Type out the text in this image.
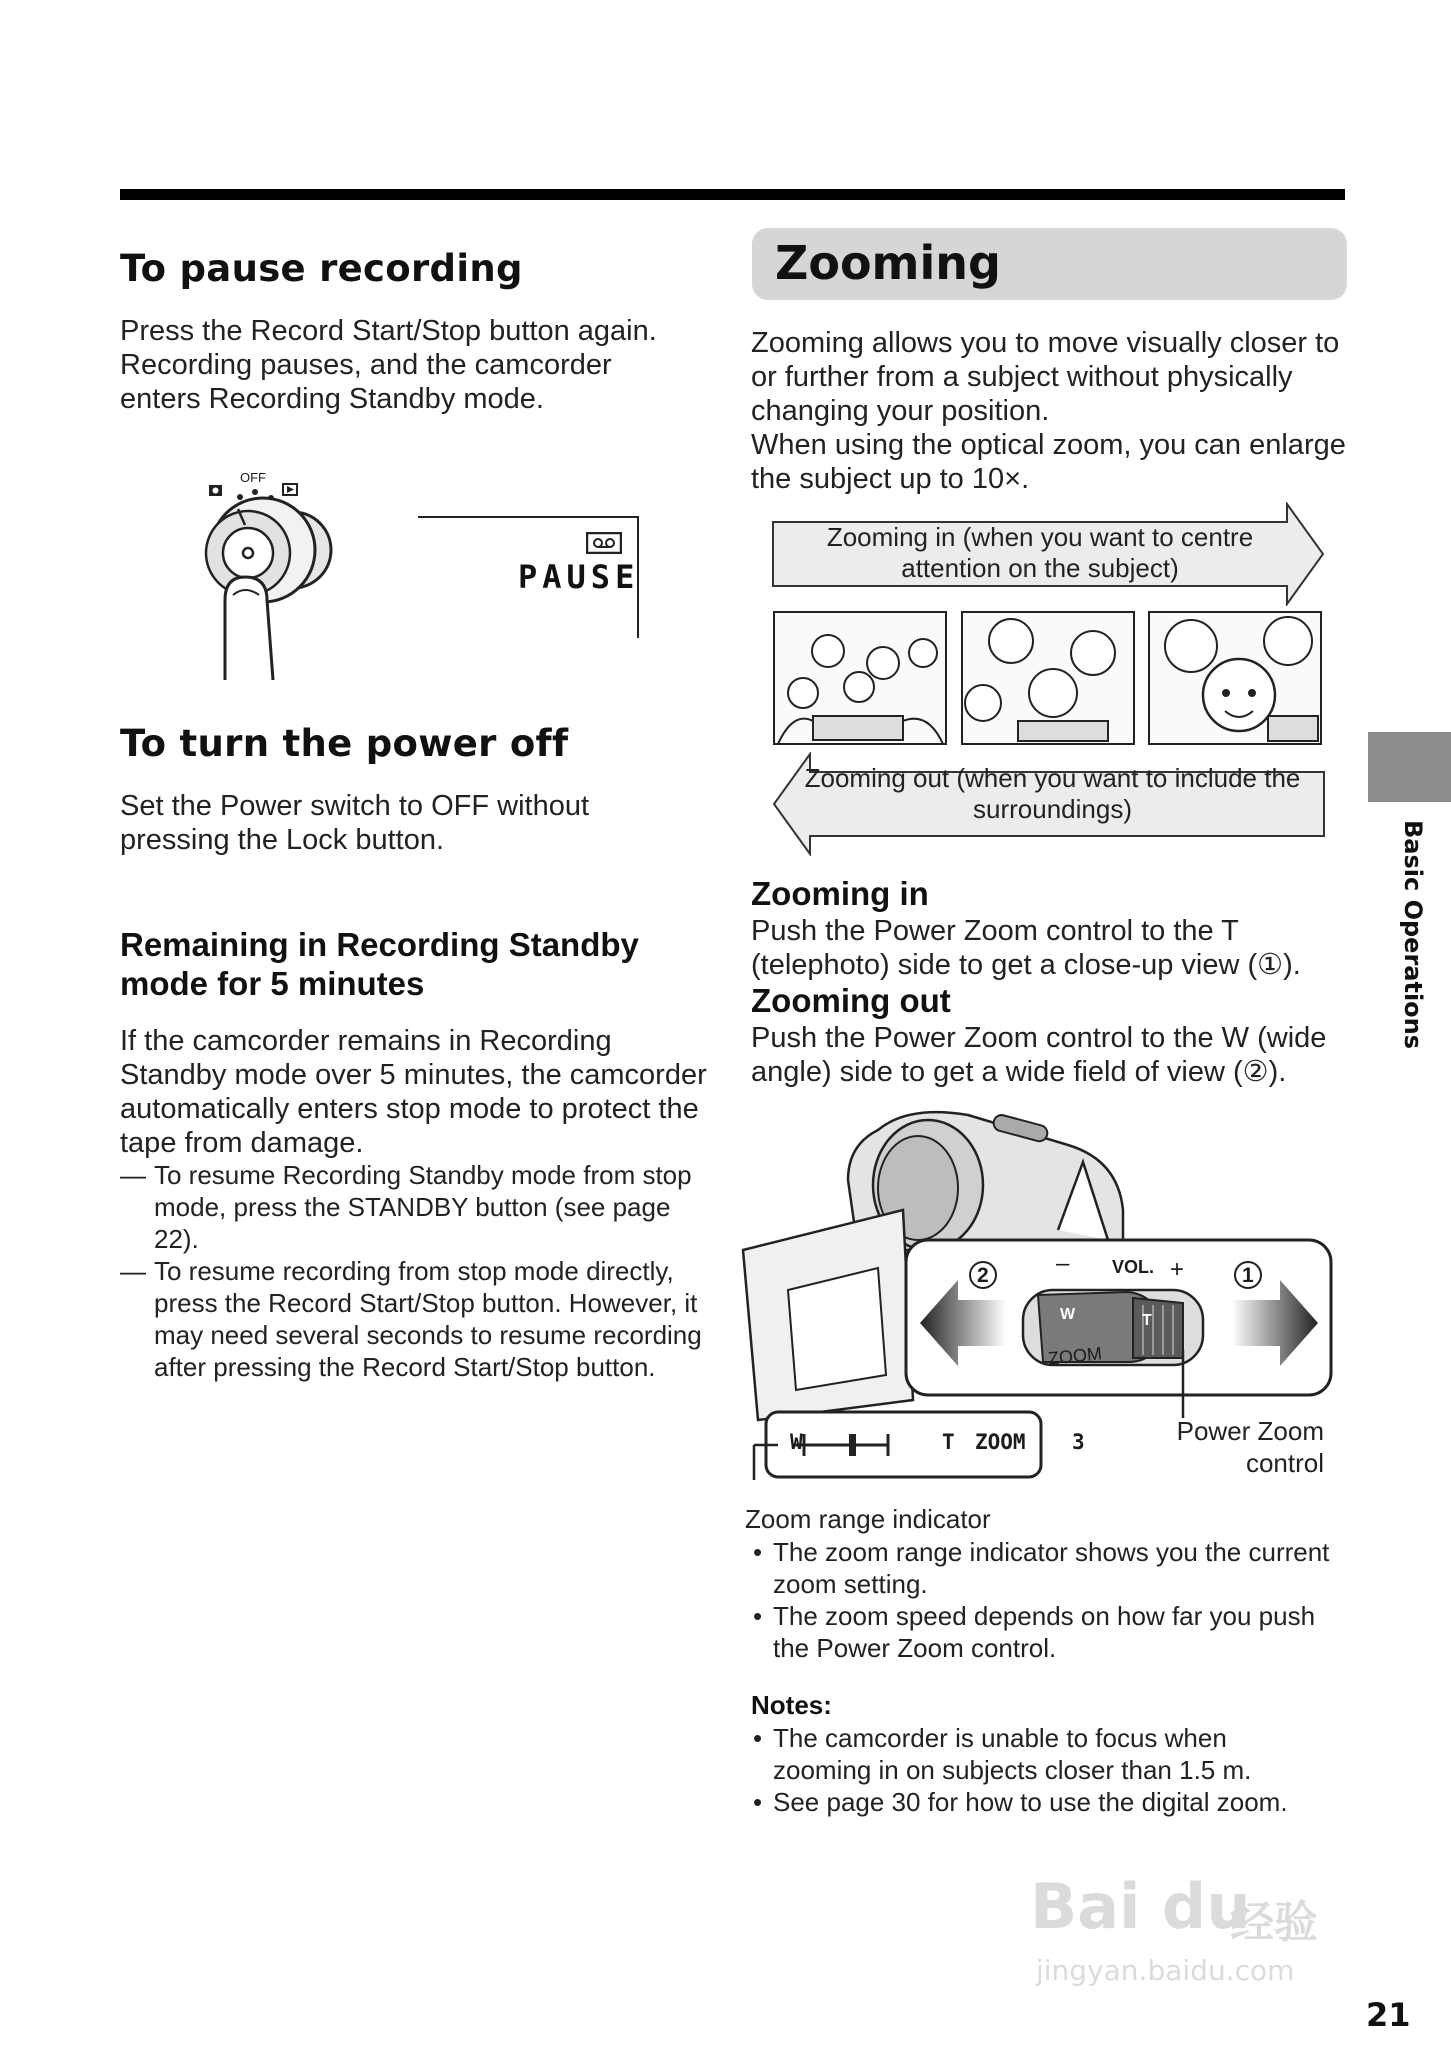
To pause recording

Press the Record Start/Stop button again. Recording pauses, and the camcorder enters Recording Standby mode.

OFF
PAUSE
To turn the power off

Set the Power switch to OFF without pressing the Lock button.

Remaining in Recording Standby
mode for 5 minutes

If the camcorder remains in Recording Standby mode over 5 minutes, the camcorder automatically enters stop mode to protect the tape from damage.

— To resume Recording Standby mode from stop mode, press the STANDBY button (see page 22).
— To resume recording from stop mode directly, press the Record Start/Stop button. However, it may need several seconds to resume recording after pressing the Record Start/Stop button.
Zooming

Zooming allows you to move visually closer to or further from a subject without physically changing your position.

When using the optical zoom, you can enlarge the subject up to 10×.

Zooming in (when you want to centre attention on the subject)
Zooming out (when you want to include the surroundings)
Zooming in

Push the Power Zoom control to the T (telephoto) side to get a close-up view (①).

Zooming out

Push the Power Zoom control to the W (wide angle) side to get a wide field of view (②).

2	1
VOL.
–	+
W	T
ZOOM
W	T ZOOM 3	Power Zoom
control
Zoom range indicator
• The zoom range indicator shows you the current zoom setting.
• The zoom speed depends on how far you push the Power Zoom control.
Notes:
• The camcorder is unable to focus when zooming in on subjects closer than 1.5 m.
• See page 30 for how to use the digital zoom.
Basic Operations
Bai du
经验
jingyan.baidu.com
21
